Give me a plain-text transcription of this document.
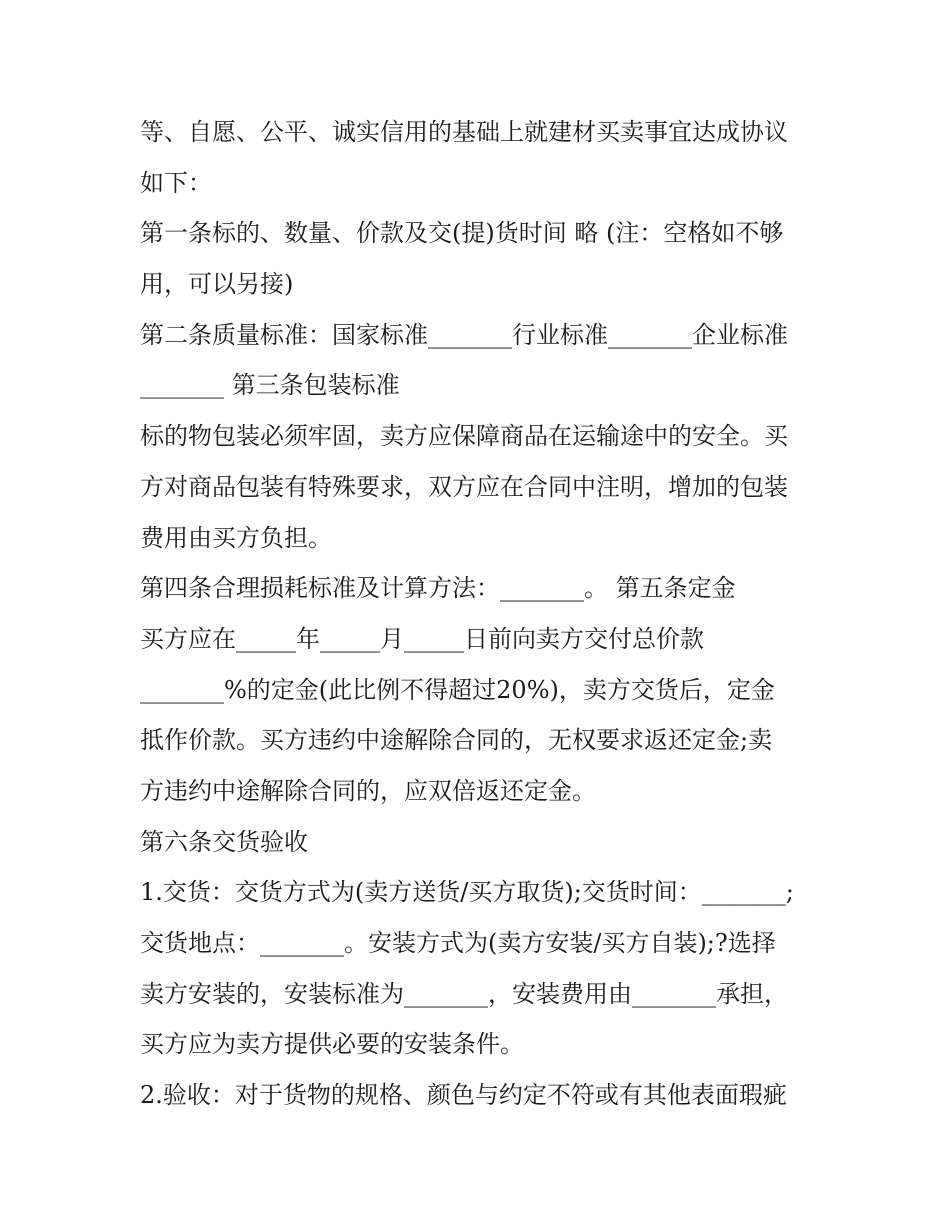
等、自愿、公平、诚实信用的基础上就建材买卖事宜达成协议
如下：
第一条标的、数量、价款及交(提)货时间 略 (注：空格如不够
用，可以另接)
第二条质量标准：国家标准_______行业标准_______企业标准
_______ 第三条包装标准
标的物包装必须牢固，卖方应保障商品在运输途中的安全。买
方对商品包装有特殊要求，双方应在合同中注明，增加的包装
费用由买方负担。
第四条合理损耗标准及计算方法：_______。 第五条定金
买方应在_____年_____月_____日前向卖方交付总价款
_______%的定金(此比例不得超过20%)，卖方交货后，定金
抵作价款。买方违约中途解除合同的，无权要求返还定金;卖
方违约中途解除合同的，应双倍返还定金。
第六条交货验收
1.交货：交货方式为(卖方送货/买方取货);交货时间：_______;
交货地点：_______。安装方式为(卖方安装/买方自装);?选择
卖方安装的，安装标准为_______，安装费用由_______承担，
买方应为卖方提供必要的安装条件。
2.验收：对于货物的规格、颜色与约定不符或有其他表面瑕疵
